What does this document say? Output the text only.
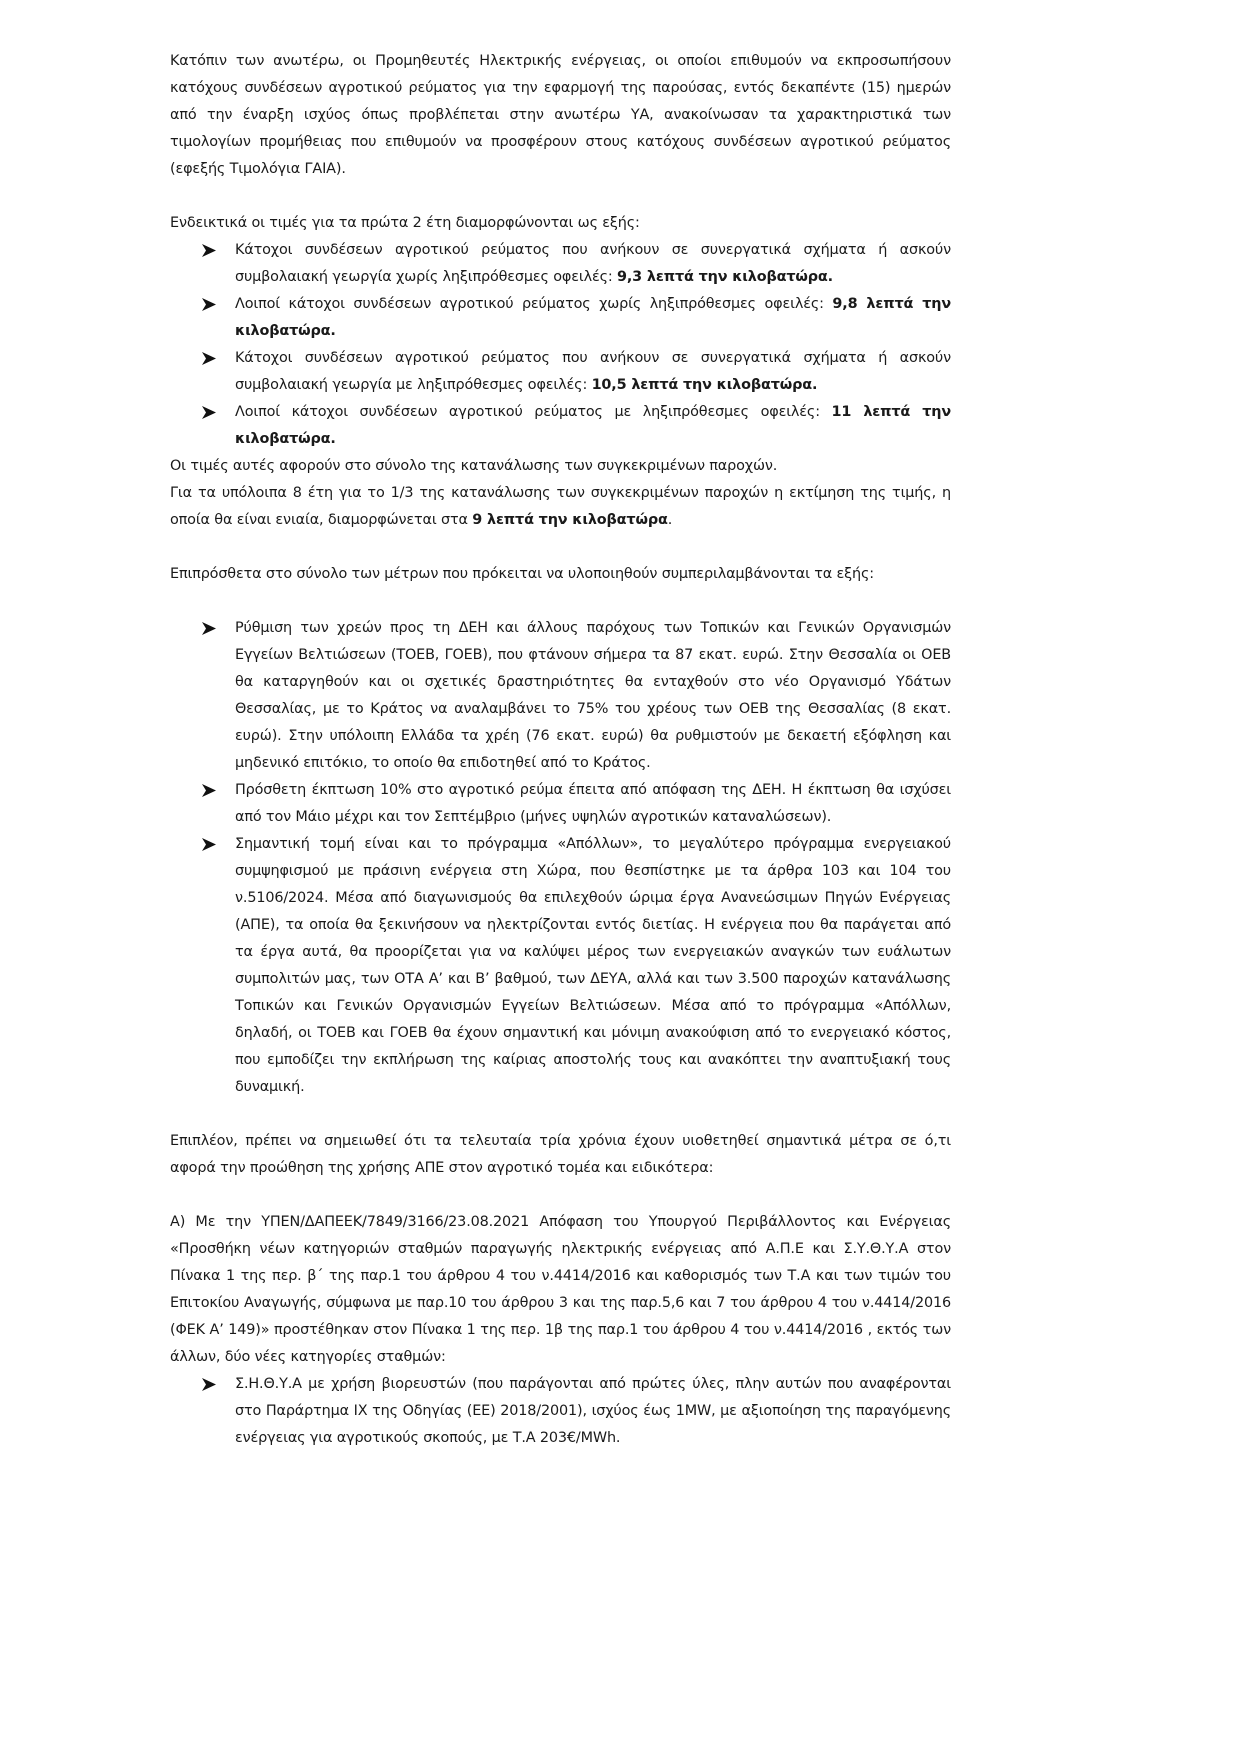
Κατόπιν των ανωτέρω, οι Προμηθευτές Ηλεκτρικής ενέργειας, οι οποίοι επιθυμούν να εκπροσωπήσουν κατόχους συνδέσεων αγροτικού ρεύματος για την εφαρμογή της παρούσας, εντός δεκαπέντε (15) ημερών από την έναρξη ισχύος όπως προβλέπεται στην ανωτέρω ΥΑ, ανακοίνωσαν τα χαρακτηριστικά των τιμολογίων προμήθειας που επιθυμούν να προσφέρουν στους κατόχους συνδέσεων αγροτικού ρεύματος (εφεξής Τιμολόγια ΓΑΙΑ).

Ενδεικτικά οι τιμές για τα πρώτα 2 έτη διαμορφώνονται ως εξής:

Κάτοχοι συνδέσεων αγροτικού ρεύματος που ανήκουν σε συνεργατικά σχήματα ή ασκούν συμβολαιακή γεωργία χωρίς ληξιπρόθεσμες οφειλές: 9,3 λεπτά την κιλοβατώρα.
Λοιποί κάτοχοι συνδέσεων αγροτικού ρεύματος χωρίς ληξιπρόθεσμες οφειλές: 9,8 λεπτά την κιλοβατώρα.
Κάτοχοι συνδέσεων αγροτικού ρεύματος που ανήκουν σε συνεργατικά σχήματα ή ασκούν συμβολαιακή γεωργία με ληξιπρόθεσμες οφειλές: 10,5 λεπτά την κιλοβατώρα.
Λοιποί κάτοχοι συνδέσεων αγροτικού ρεύματος με ληξιπρόθεσμες οφειλές: 11 λεπτά την κιλοβατώρα.

Οι τιμές αυτές αφορούν στο σύνολο της κατανάλωσης των συγκεκριμένων παροχών.

Για τα υπόλοιπα 8 έτη για το 1/3 της κατανάλωσης των συγκεκριμένων παροχών η εκτίμηση της τιμής, η οποία θα είναι ενιαία, διαμορφώνεται στα 9 λεπτά την κιλοβατώρα.

Επιπρόσθετα στο σύνολο των μέτρων που πρόκειται να υλοποιηθούν συμπεριλαμβάνονται τα εξής:

Ρύθμιση των χρεών προς τη ΔΕΗ και άλλους παρόχους των Τοπικών και Γενικών Οργανισμών Εγγείων Βελτιώσεων (ΤΟΕΒ, ΓΟΕΒ), που φτάνουν σήμερα τα 87 εκατ. ευρώ. Στην Θεσσαλία οι ΟΕΒ θα καταργηθούν και οι σχετικές δραστηριότητες θα ενταχθούν στο νέο Οργανισμό Υδάτων Θεσσαλίας, με το Κράτος να αναλαμβάνει το 75% του χρέους των ΟΕΒ της Θεσσαλίας (8 εκατ. ευρώ). Στην υπόλοιπη Ελλάδα τα χρέη (76 εκατ. ευρώ) θα ρυθμιστούν με δεκαετή εξόφληση και μηδενικό επιτόκιο, το οποίο θα επιδοτηθεί από το Κράτος.
Πρόσθετη έκπτωση 10% στο αγροτικό ρεύμα έπειτα από απόφαση της ΔΕΗ. Η έκπτωση θα ισχύσει από τον Μάιο μέχρι και τον Σεπτέμβριο (μήνες υψηλών αγροτικών καταναλώσεων).
Σημαντική τομή είναι και το πρόγραμμα «Απόλλων», το μεγαλύτερο πρόγραμμα ενεργειακού συμψηφισμού με πράσινη ενέργεια στη Χώρα, που θεσπίστηκε με τα άρθρα 103 και 104 του ν.5106/2024. Μέσα από διαγωνισμούς θα επιλεχθούν ώριμα έργα Ανανεώσιμων Πηγών Ενέργειας (ΑΠΕ), τα οποία θα ξεκινήσουν να ηλεκτρίζονται εντός διετίας. Η ενέργεια που θα παράγεται από τα έργα αυτά, θα προορίζεται για να καλύψει μέρος των ενεργειακών αναγκών των ευάλωτων συμπολιτών μας, των ΟΤΑ Α’ και Β’ βαθμού, των ΔΕΥΑ, αλλά και των 3.500 παροχών κατανάλωσης Τοπικών και Γενικών Οργανισμών Εγγείων Βελτιώσεων. Μέσα από το πρόγραμμα «Απόλλων, δηλαδή, οι ΤΟΕΒ και ΓΟΕΒ θα έχουν σημαντική και μόνιμη ανακούφιση από το ενεργειακό κόστος, που εμποδίζει την εκπλήρωση της καίριας αποστολής τους και ανακόπτει την αναπτυξιακή τους δυναμική.

Επιπλέον, πρέπει να σημειωθεί ότι τα τελευταία τρία χρόνια έχουν υιοθετηθεί σημαντικά μέτρα σε ό,τι αφορά την προώθηση της χρήσης ΑΠΕ στον αγροτικό τομέα και ειδικότερα:

Α) Με την ΥΠΕΝ/ΔΑΠΕΕΚ/7849/3166/23.08.2021 Απόφαση του Υπουργού Περιβάλλοντος και Ενέργειας «Προσθήκη νέων κατηγοριών σταθμών παραγωγής ηλεκτρικής ενέργειας από Α.Π.Ε και Σ.Υ.Θ.Υ.Α στον Πίνακα 1 της περ. β΄ της παρ.1 του άρθρου 4 του ν.4414/2016 και καθορισμός των Τ.Α και των τιμών του Επιτοκίου Αναγωγής, σύμφωνα με παρ.10 του άρθρου 3 και της παρ.5,6 και 7 του άρθρου 4 του ν.4414/2016 (ΦΕΚ Α’ 149)» προστέθηκαν στον Πίνακα 1 της περ. 1β της παρ.1 του άρθρου 4 του ν.4414/2016 , εκτός των άλλων, δύο νέες κατηγορίες σταθμών:

Σ.Η.Θ.Υ.Α με χρήση βιορευστών (που παράγονται από πρώτες ύλες, πλην αυτών που αναφέρονται στο Παράρτημα ΙΧ της Οδηγίας (ΕΕ) 2018/2001), ισχύος έως 1MW, με αξιοποίηση της παραγόμενης ενέργειας για αγροτικούς σκοπούς, με Τ.Α 203€/MWh.
